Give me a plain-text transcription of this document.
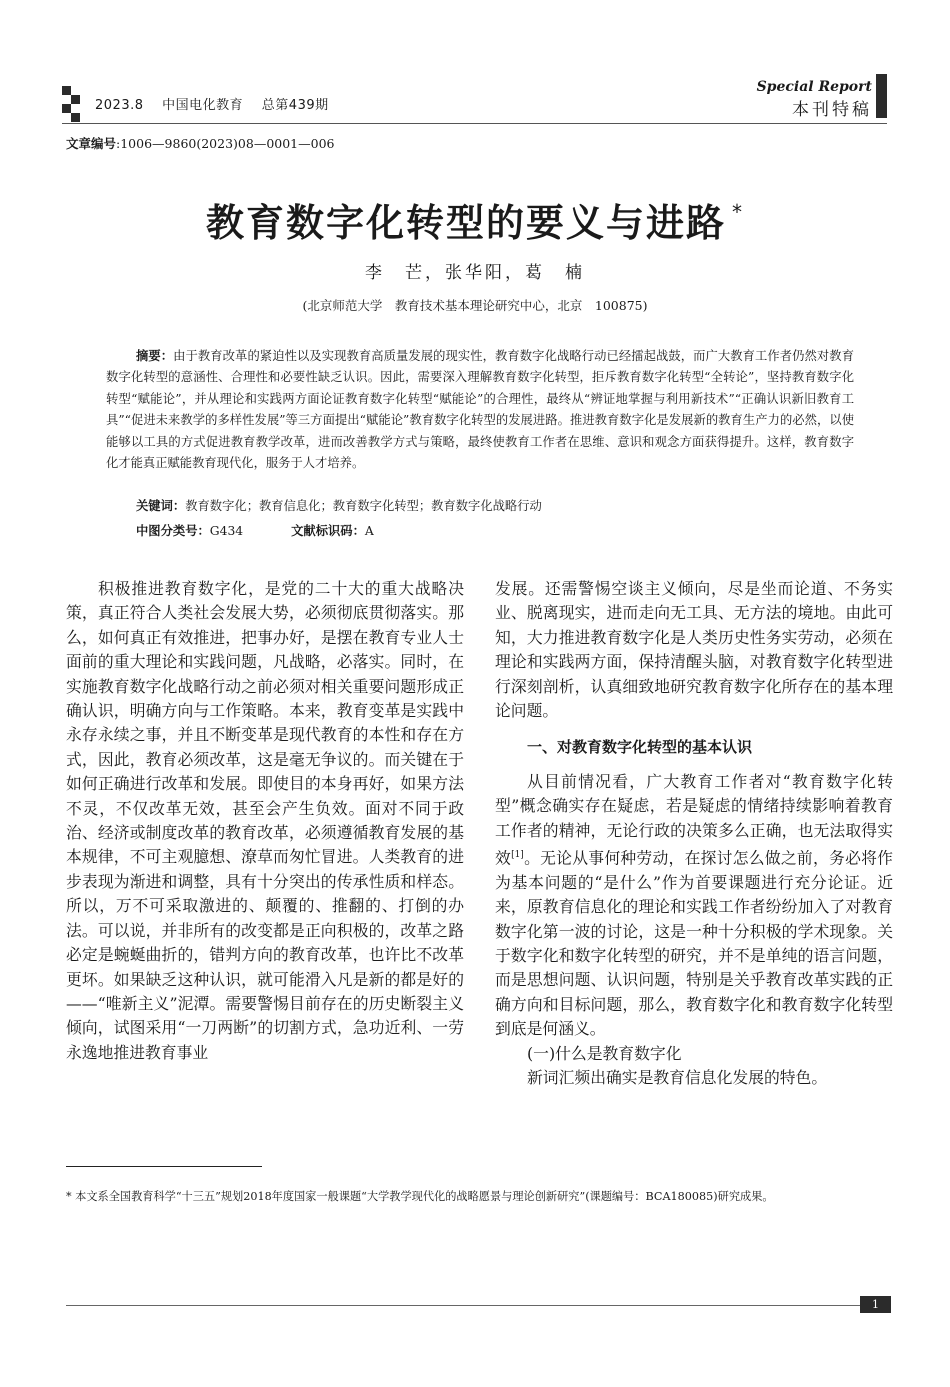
2023.8 中国电化教育 总第439期
Special Report
本刊特稿
文章编号:1006—9860(2023)08—0001—006
教育数字化转型的要义与进路 *
李　芒，张华阳，葛　楠
(北京师范大学　教育技术基本理论研究中心，北京　100875)
摘要：由于教育改革的紧迫性以及实现教育高质量发展的现实性，教育数字化战略行动已经擂起战鼓，而广大教育工作者仍然对教育数字化转型的意涵性、合理性和必要性缺乏认识。因此，需要深入理解教育数字化转型，拒斥教育数字化转型“全转论”，坚持教育数字化转型“赋能论”，并从理论和实践两方面论证教育数字化转型“赋能论”的合理性，最终从“辨证地掌握与利用新技术”“正确认识新旧教育工具”“促进未来教学的多样性发展”等三方面提出“赋能论”教育数字化转型的发展进路。推进教育数字化是发展新的教育生产力的必然，以使能够以工具的方式促进教育教学改革，进而改善教学方式与策略，最终使教育工作者在思维、意识和观念方面获得提升。这样，教育数字化才能真正赋能教育现代化，服务于人才培养。
关键词：教育数字化；教育信息化；教育数字化转型；教育数字化战略行动
中图分类号：G434	文献标识码：A

积极推进教育数字化，是党的二十大的重大战略决策，真正符合人类社会发展大势，必须彻底贯彻落实。那么，如何真正有效推进，把事办好，是摆在教育专业人士面前的重大理论和实践问题，凡战略，必落实。同时，在实施教育数字化战略行动之前必须对相关重要问题形成正确认识，明确方向与工作策略。本来，教育变革是实践中永存永续之事，并且不断变革是现代教育的本性和存在方式，因此，教育必须改革，这是毫无争议的。而关键在于如何正确进行改革和发展。即使目的本身再好，如果方法不灵，不仅改革无效，甚至会产生负效。面对不同于政治、经济或制度改革的教育改革，必须遵循教育发展的基本规律，不可主观臆想、潦草而匆忙冒进。人类教育的进步表现为渐进和调整，具有十分突出的传承性质和样态。所以，万不可采取激进的、颠覆的、推翻的、打倒的办法。可以说，并非所有的改变都是正向积极的，改革之路必定是蜿蜒曲折的，错判方向的教育改革，也许比不改革更坏。如果缺乏这种认识，就可能滑入凡是新的都是好的——“唯新主义”泥潭。需要警惕目前存在的历史断裂主义倾向，试图采用“一刀两断”的切割方式，急功近利、一劳永逸地推进教育事业

发展。还需警惕空谈主义倾向，尽是坐而论道、不务实业、脱离现实，进而走向无工具、无方法的境地。由此可知，大力推进教育数字化是人类历史性务实劳动，必须在理论和实践两方面，保持清醒头脑，对教育数字化转型进行深刻剖析，认真细致地研究教育数字化所存在的基本理论问题。

一、对教育数字化转型的基本认识

从目前情况看，广大教育工作者对“教育数字化转型”概念确实存在疑虑，若是疑虑的情绪持续影响着教育工作者的精神，无论行政的决策多么正确，也无法取得实效[1]。无论从事何种劳动，在探讨怎么做之前，务必将作为基本问题的“是什么”作为首要课题进行充分论证。近来，原教育信息化的理论和实践工作者纷纷加入了对教育数字化第一波的讨论，这是一种十分积极的学术现象。关于数字化和数字化转型的研究，并不是单纯的语言问题，而是思想问题、认识问题，特别是关乎教育改革实践的正确方向和目标问题，那么，教育数字化和教育数字化转型到底是何涵义。

(一)什么是教育数字化

新词汇频出确实是教育信息化发展的特色。

* 本文系全国教育科学“十三五”规划2018年度国家一般课题“大学教学现代化的战略愿景与理论创新研究”(课题编号：BCA180085)研究成果。
1
